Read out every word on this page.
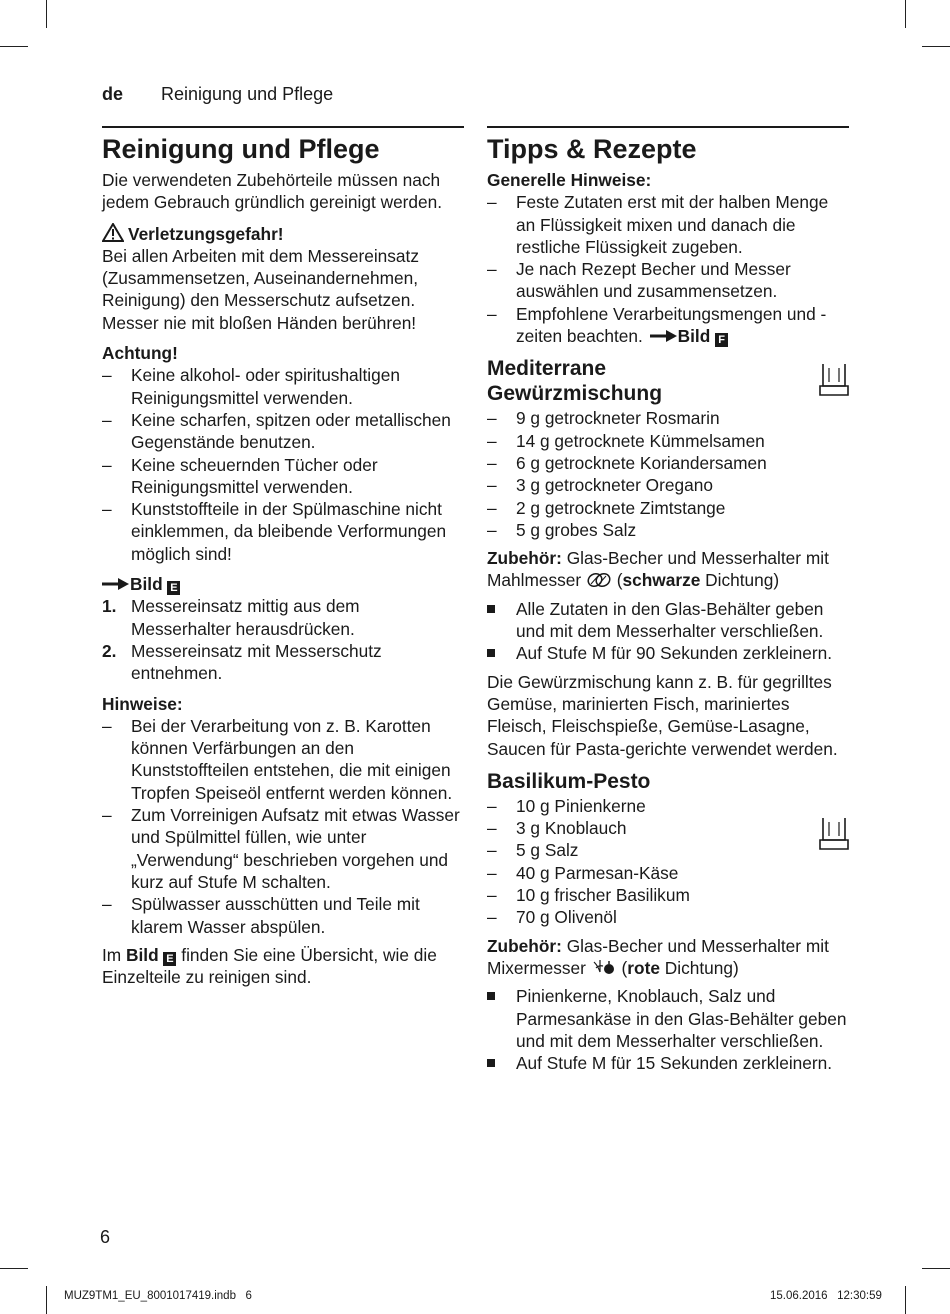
de Reinigung und Pflege
Reinigung und Pflege

Die verwendeten Zubehörteile müssen nach jedem Gebrauch gründlich gereinigt werden.

Verletzungsgefahr!

Bei allen Arbeiten mit dem Messereinsatz (Zusammensetzen, Auseinandernehmen, Reinigung) den Messerschutz aufsetzen. Messer nie mit bloßen Händen berühren!

Achtung!
– Keine alkohol- oder spiritushaltigen Reinigungsmittel verwenden.
– Keine scharfen, spitzen oder metallischen Gegenstände benutzen.
– Keine scheuernden Tücher oder Reinigungsmittel verwenden.
– Kunststoffteile in der Spülmaschine nicht einklemmen, da bleibende Verformungen möglich sind!
Bild E
1. Messereinsatz mittig aus dem Messerhalter herausdrücken.
2. Messereinsatz mit Messerschutz entnehmen.
Hinweise:
– Bei der Verarbeitung von z. B. Karotten können Verfärbungen an den Kunststoffteilen entstehen, die mit einigen Tropfen Speiseöl entfernt werden können.
– Zum Vorreinigen Aufsatz mit etwas Wasser und Spülmittel füllen, wie unter „Verwendung“ beschrieben vorgehen und kurz auf Stufe M schalten.
– Spülwasser ausschütten und Teile mit klarem Wasser abspülen.

Im Bild E finden Sie eine Übersicht, wie die Einzelteile zu reinigen sind.

Tipps & Rezepte
Generelle Hinweise:
– Feste Zutaten erst mit der halben Menge an Flüssigkeit mixen und danach die restliche Flüssigkeit zugeben.
– Je nach Rezept Becher und Messer auswählen und zusammensetzen.
– Empfohlene Verarbeitungsmengen und -zeiten beachten. Bild F
Mediterrane
Gewürzmischung
– 9 g getrockneter Rosmarin
– 14 g getrocknete Kümmelsamen
– 6 g getrocknete Koriandersamen
– 3 g getrockneter Oregano
– 2 g getrocknete Zimtstange
– 5 g grobes Salz

Zubehör: Glas-Becher und Messerhalter mit Mahlmesser (schwarze Dichtung)

Alle Zutaten in den Glas-Behälter geben und mit dem Messerhalter verschließen.
Auf Stufe M für 90 Sekunden zerkleinern.

Die Gewürzmischung kann z. B. für gegrilltes Gemüse, marinierten Fisch, mariniertes Fleisch, Fleischspieße, Gemüse-Lasagne, Saucen für Pasta-gerichte verwendet werden.

Basilikum-Pesto
– 10 g Pinienkerne
– 3 g Knoblauch
– 5 g Salz
– 40 g Parmesan-Käse
– 10 g frischer Basilikum
– 70 g Olivenöl

Zubehör: Glas-Becher und Messerhalter mit Mixermesser (rote Dichtung)

Pinienkerne, Knoblauch, Salz und Parmesankäse in den Glas-Behälter geben und mit dem Messerhalter verschließen.
Auf Stufe M für 15 Sekunden zerkleinern.
6
MUZ9TM1_EU_8001017419.indb   6	15.06.2016   12:30:59
